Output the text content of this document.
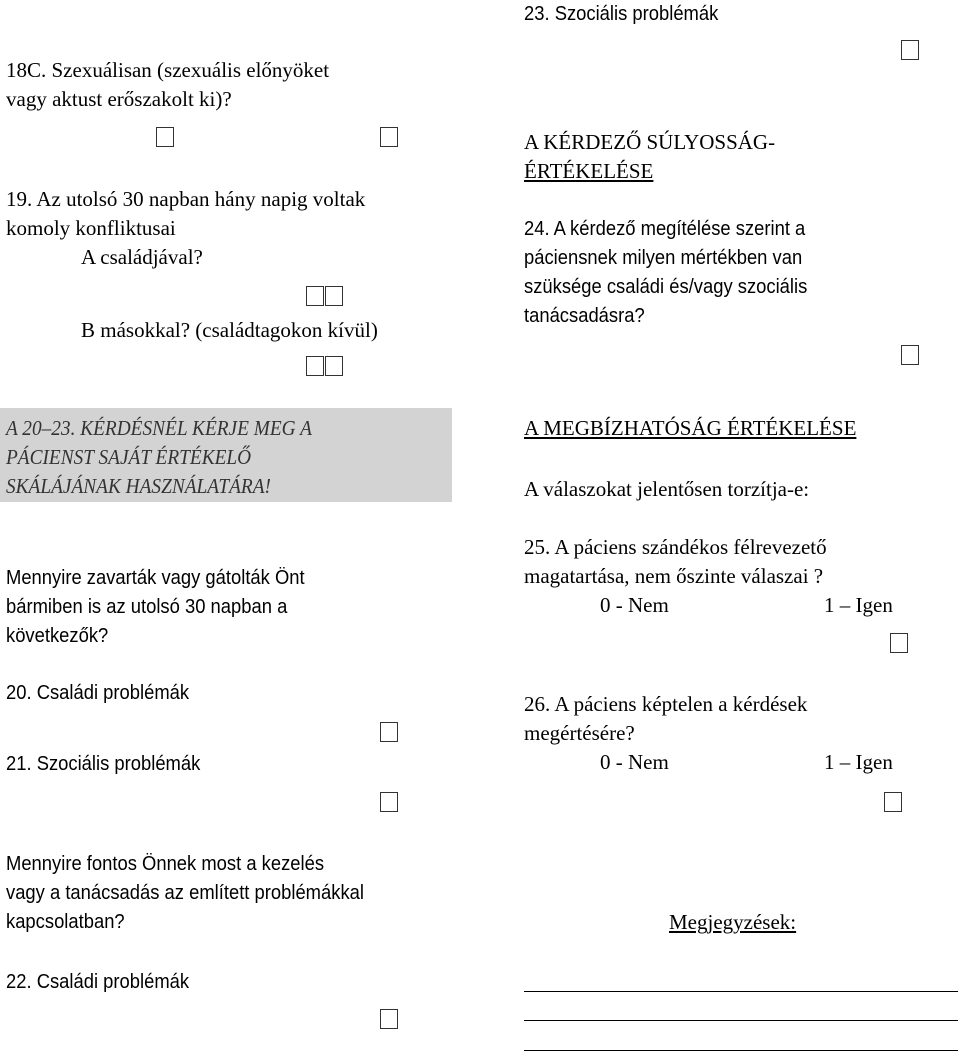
18C. Szexuálisan (szexuális előnyöket
vagy aktust erőszakolt ki)?
19. Az utolsó 30 napban hány napig voltak
komoly konfliktusai
A családjával?
B másokkal? (családtagokon kívül)
A 20–23. KÉRDÉSNÉL KÉRJE MEG A
PÁCIENST SAJÁT ÉRTÉKELŐ
SKÁLÁJÁNAK HASZNÁLATÁRA!
Mennyire zavarták vagy gátolták Önt
bármiben is az utolsó 30 napban a
következők?
20. Családi problémák
21. Szociális problémák
Mennyire fontos Önnek most a kezelés
vagy a tanácsadás az említett problémákkal
kapcsolatban?
22. Családi problémák
23. Szociális problémák
A KÉRDEZŐ SÚLYOSSÁG-
ÉRTÉKELÉSE
24. A kérdező megítélése szerint a
páciensnek milyen mértékben van
szüksége családi és/vagy szociális
tanácsadásra?
A MEGBÍZHATÓSÁG ÉRTÉKELÉSE
A válaszokat jelentősen torzítja-e:
25. A páciens szándékos félrevezető
magatartása, nem őszinte válaszai ?
0 - Nem	1 – Igen
26. A páciens képtelen a kérdések
megértésére?
0 - Nem	1 – Igen
Megjegyzések:
